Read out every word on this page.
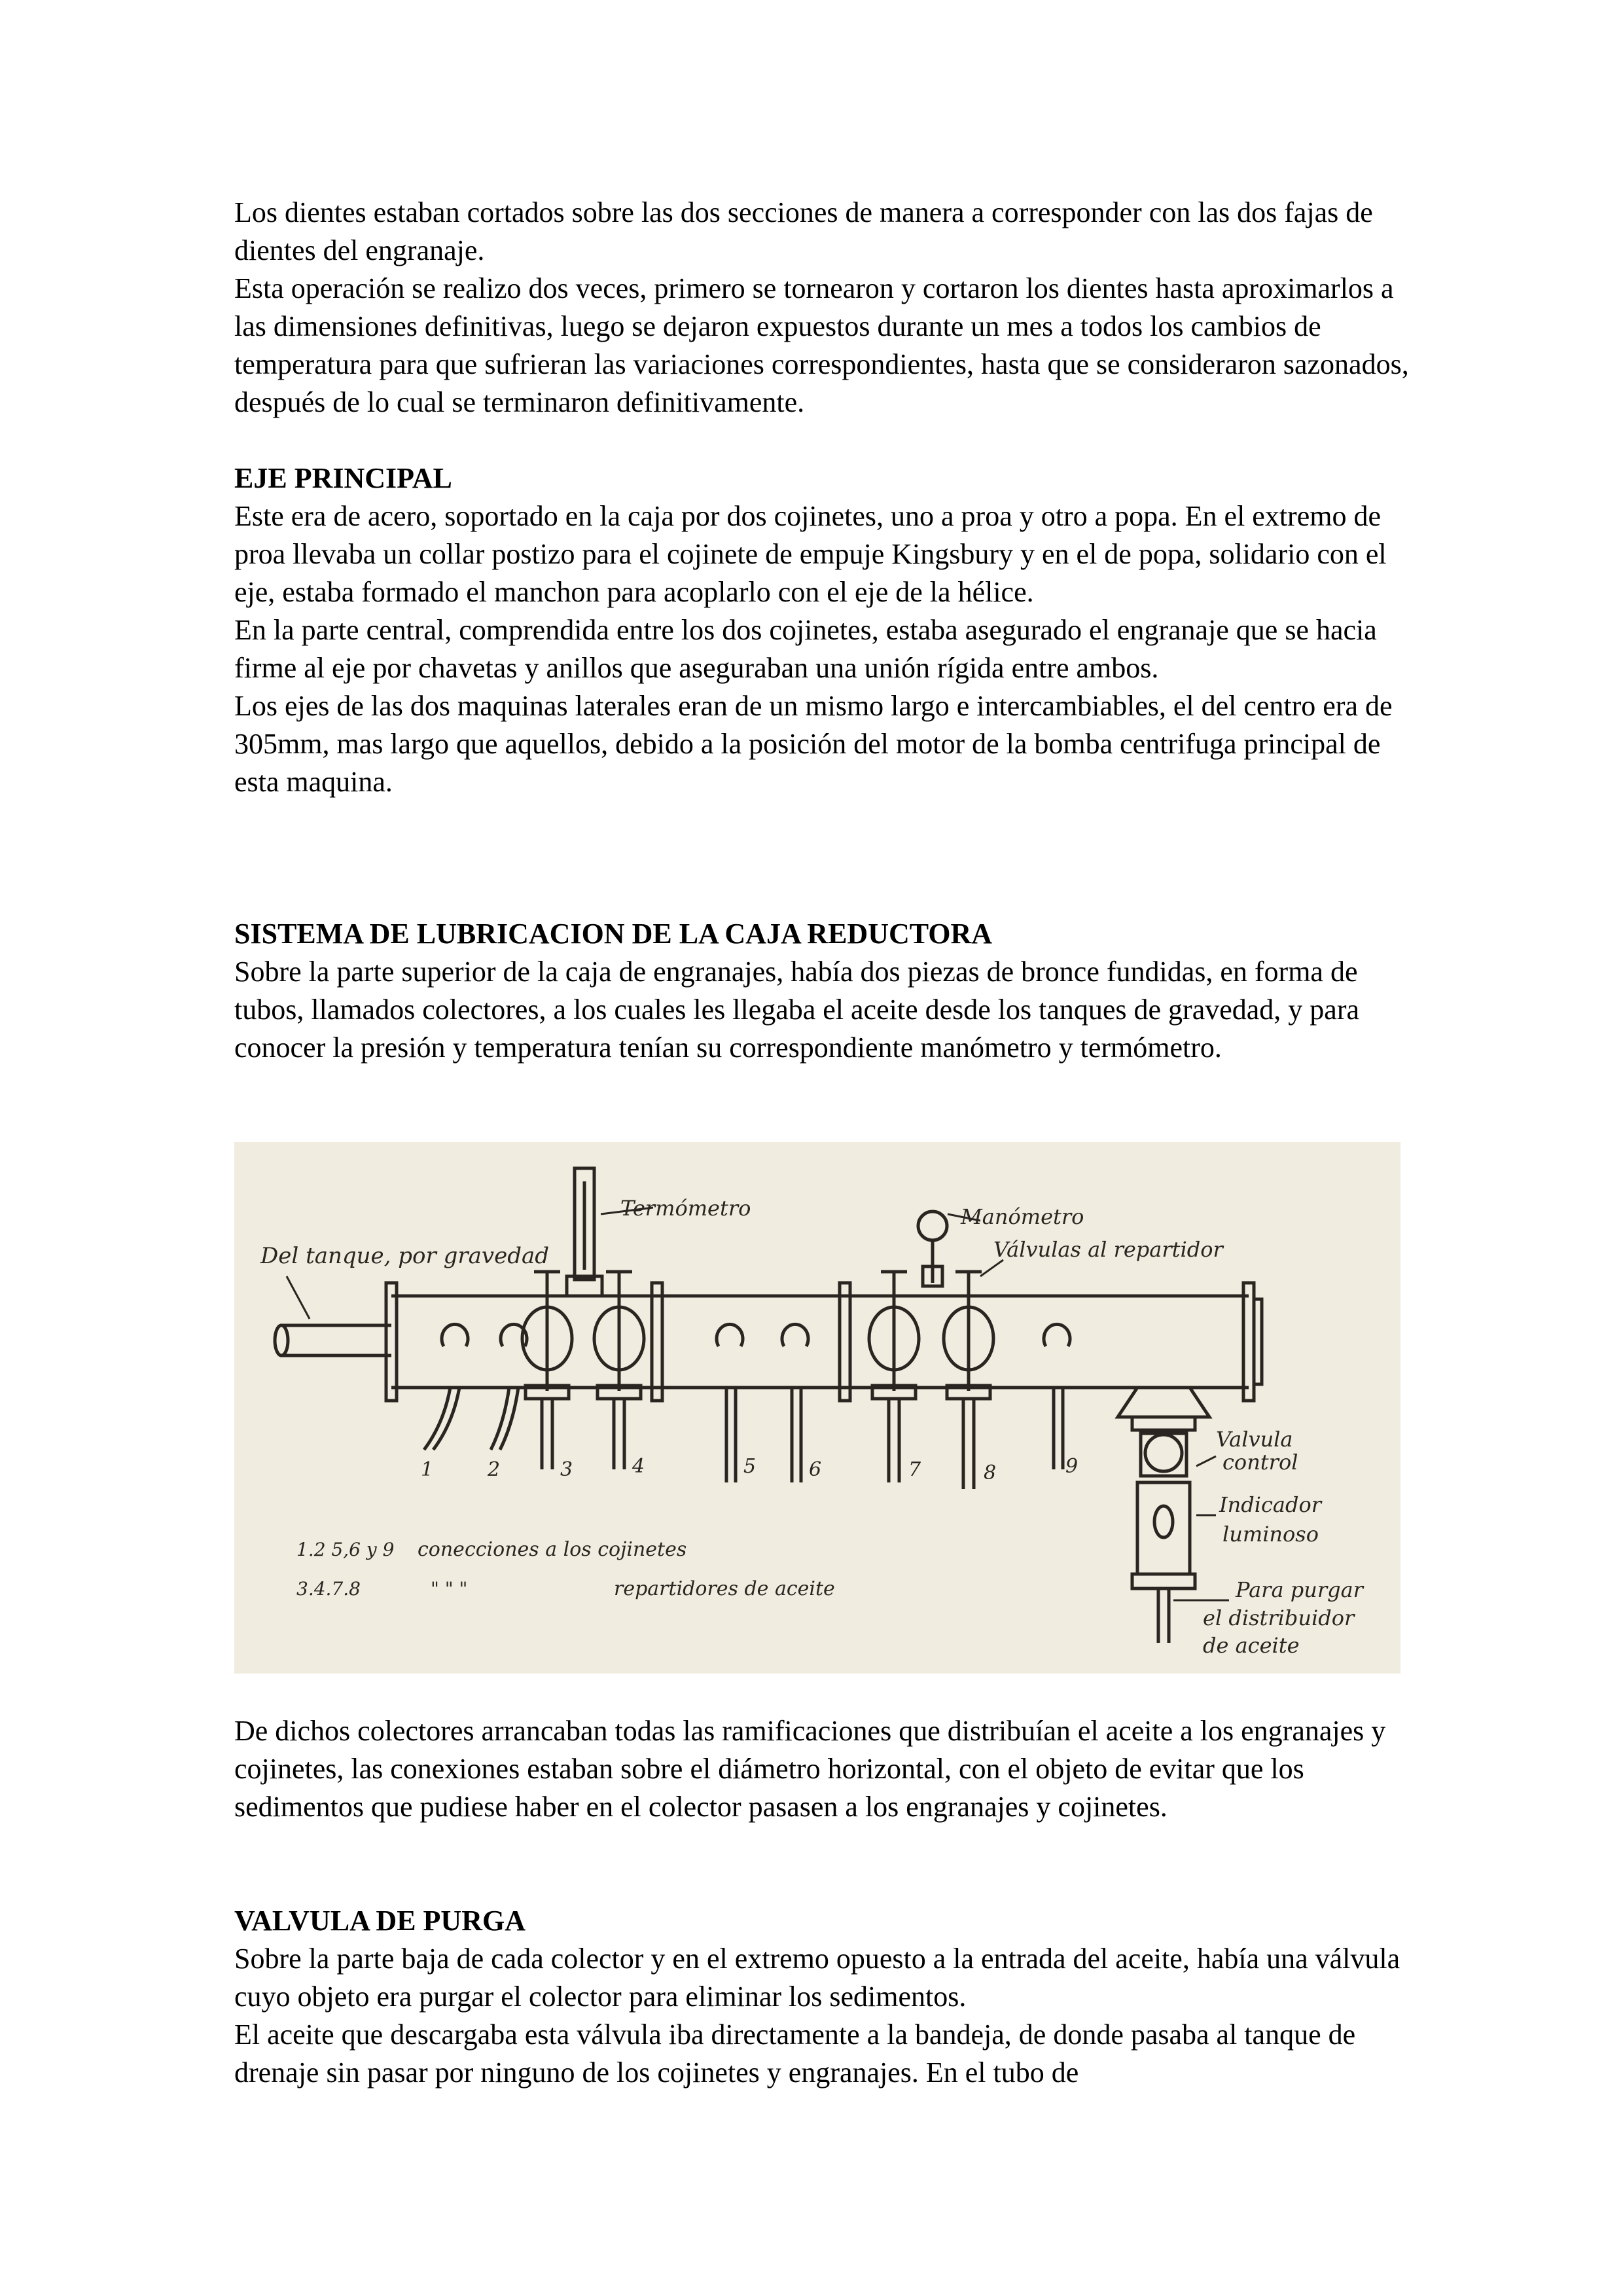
Los dientes estaban cortados sobre las dos secciones de manera a corresponder con las dos fajas de dientes del engranaje.

Esta operación se realizo dos veces, primero se tornearon y cortaron los dientes hasta aproximarlos a las dimensiones definitivas, luego se dejaron expuestos durante un mes a todos los cambios de temperatura para que sufrieran las variaciones correspondientes, hasta que se consideraron sazonados, después de lo cual se terminaron definitivamente.

EJE PRINCIPAL

Este era de acero, soportado en la caja por dos cojinetes, uno a proa y otro a popa. En el extremo de proa llevaba un collar postizo para el cojinete de empuje Kingsbury y en el de popa, solidario con el eje, estaba formado el manchon para acoplarlo con el eje de la hélice.

En la parte central, comprendida entre los dos cojinetes, estaba asegurado el engranaje que se hacia firme al eje por chavetas y anillos que aseguraban una unión rígida entre ambos.

Los ejes de las dos maquinas laterales eran de un mismo largo e intercambiables, el del centro era de 305mm, mas largo que aquellos, debido a la posición del motor de la bomba centrifuga principal de esta maquina.

SISTEMA DE LUBRICACION DE LA CAJA REDUCTORA

Sobre la parte superior de la caja de engranajes, había dos piezas de bronce fundidas, en forma de tubos, llamados colectores, a los cuales les llegaba el aceite desde los tanques de gravedad, y para conocer la presión y temperatura tenían su correspondiente manómetro y termómetro.

Termómetro	Manómetro
Del tanque, por gravedad	Válvulas al repartidor
Valvula
control
Indicador
luminoso
Para purgar
el distribuidor
de aceite
1	2	3	4	5	6	7	8	9
1.2 5,6 y 9 conecciones a los cojinetes
3.4.7.8	" " "	repartidores de aceite

De dichos colectores arrancaban todas las ramificaciones que distribuían el aceite a los engranajes y cojinetes, las conexiones estaban sobre el diámetro horizontal, con el objeto de evitar que los sedimentos que pudiese haber en el colector pasasen a los engranajes y cojinetes.

VALVULA DE PURGA

Sobre la parte baja de cada colector y en el extremo opuesto a la entrada del aceite, había una válvula cuyo objeto era purgar el colector para eliminar los sedimentos.

El aceite que descargaba esta válvula iba directamente a la bandeja, de donde pasaba al tanque de drenaje sin pasar por ninguno de los cojinetes y engranajes. En el tubo de
